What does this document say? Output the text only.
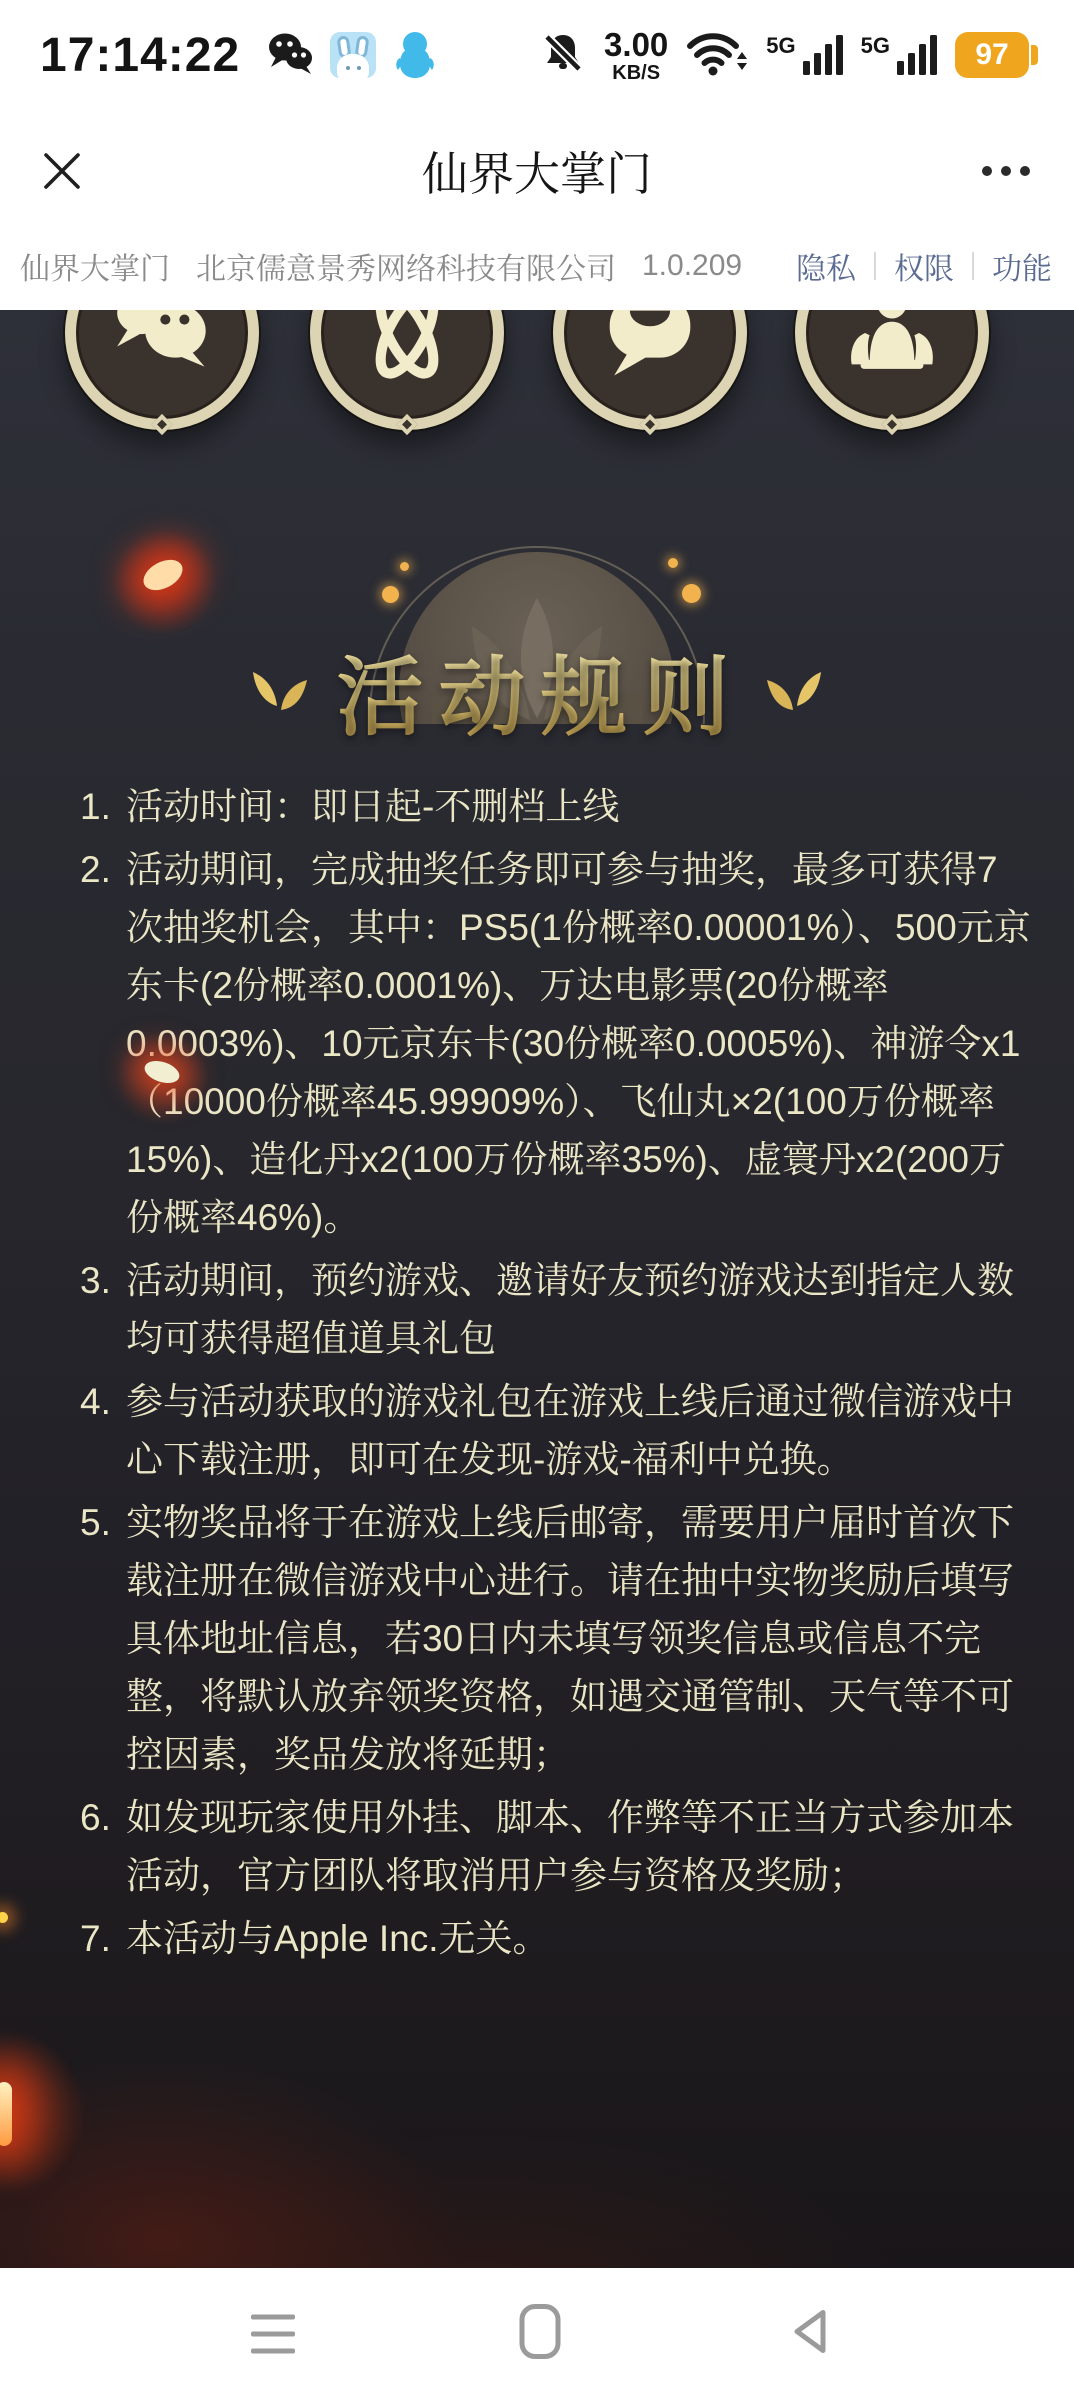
17:14:22	3.00
KB/S
5G	5G	97
仙界大掌门
仙界大掌门 北京儒意景秀网络科技有限公司 1.0.209 隐私 权限 功能
活动规则
1. 活动时间：即日起-不删档上线
2. 活动期间，完成抽奖任务即可参与抽奖，最多可获得7次抽奖机会，其中：PS5(1份概率0.00001%）、500元京东卡(2份概率0.0001%)、万达电影票(20份概率0.0003%)、10元京东卡(30份概率0.0005%)、神游令x1（10000份概率45.99909%）、飞仙丸×2(100万份概率15%)、造化丹x2(100万份概率35%)、虚寰丹x2(200万份概率46%)。
3. 活动期间，预约游戏、邀请好友预约游戏达到指定人数均可获得超值道具礼包
4. 参与活动获取的游戏礼包在游戏上线后通过微信游戏中心下载注册，即可在发现-游戏-福利中兑换。
5. 实物奖品将于在游戏上线后邮寄，需要用户届时首次下载注册在微信游戏中心进行。请在抽中实物奖励后填写具体地址信息，若30日内未填写领奖信息或信息不完整，将默认放弃领奖资格，如遇交通管制、天气等不可控因素，奖品发放将延期；
6. 如发现玩家使用外挂、脚本、作弊等不正当方式参加本活动，官方团队将取消用户参与资格及奖励；
7. 本活动与Apple Inc.无关。
